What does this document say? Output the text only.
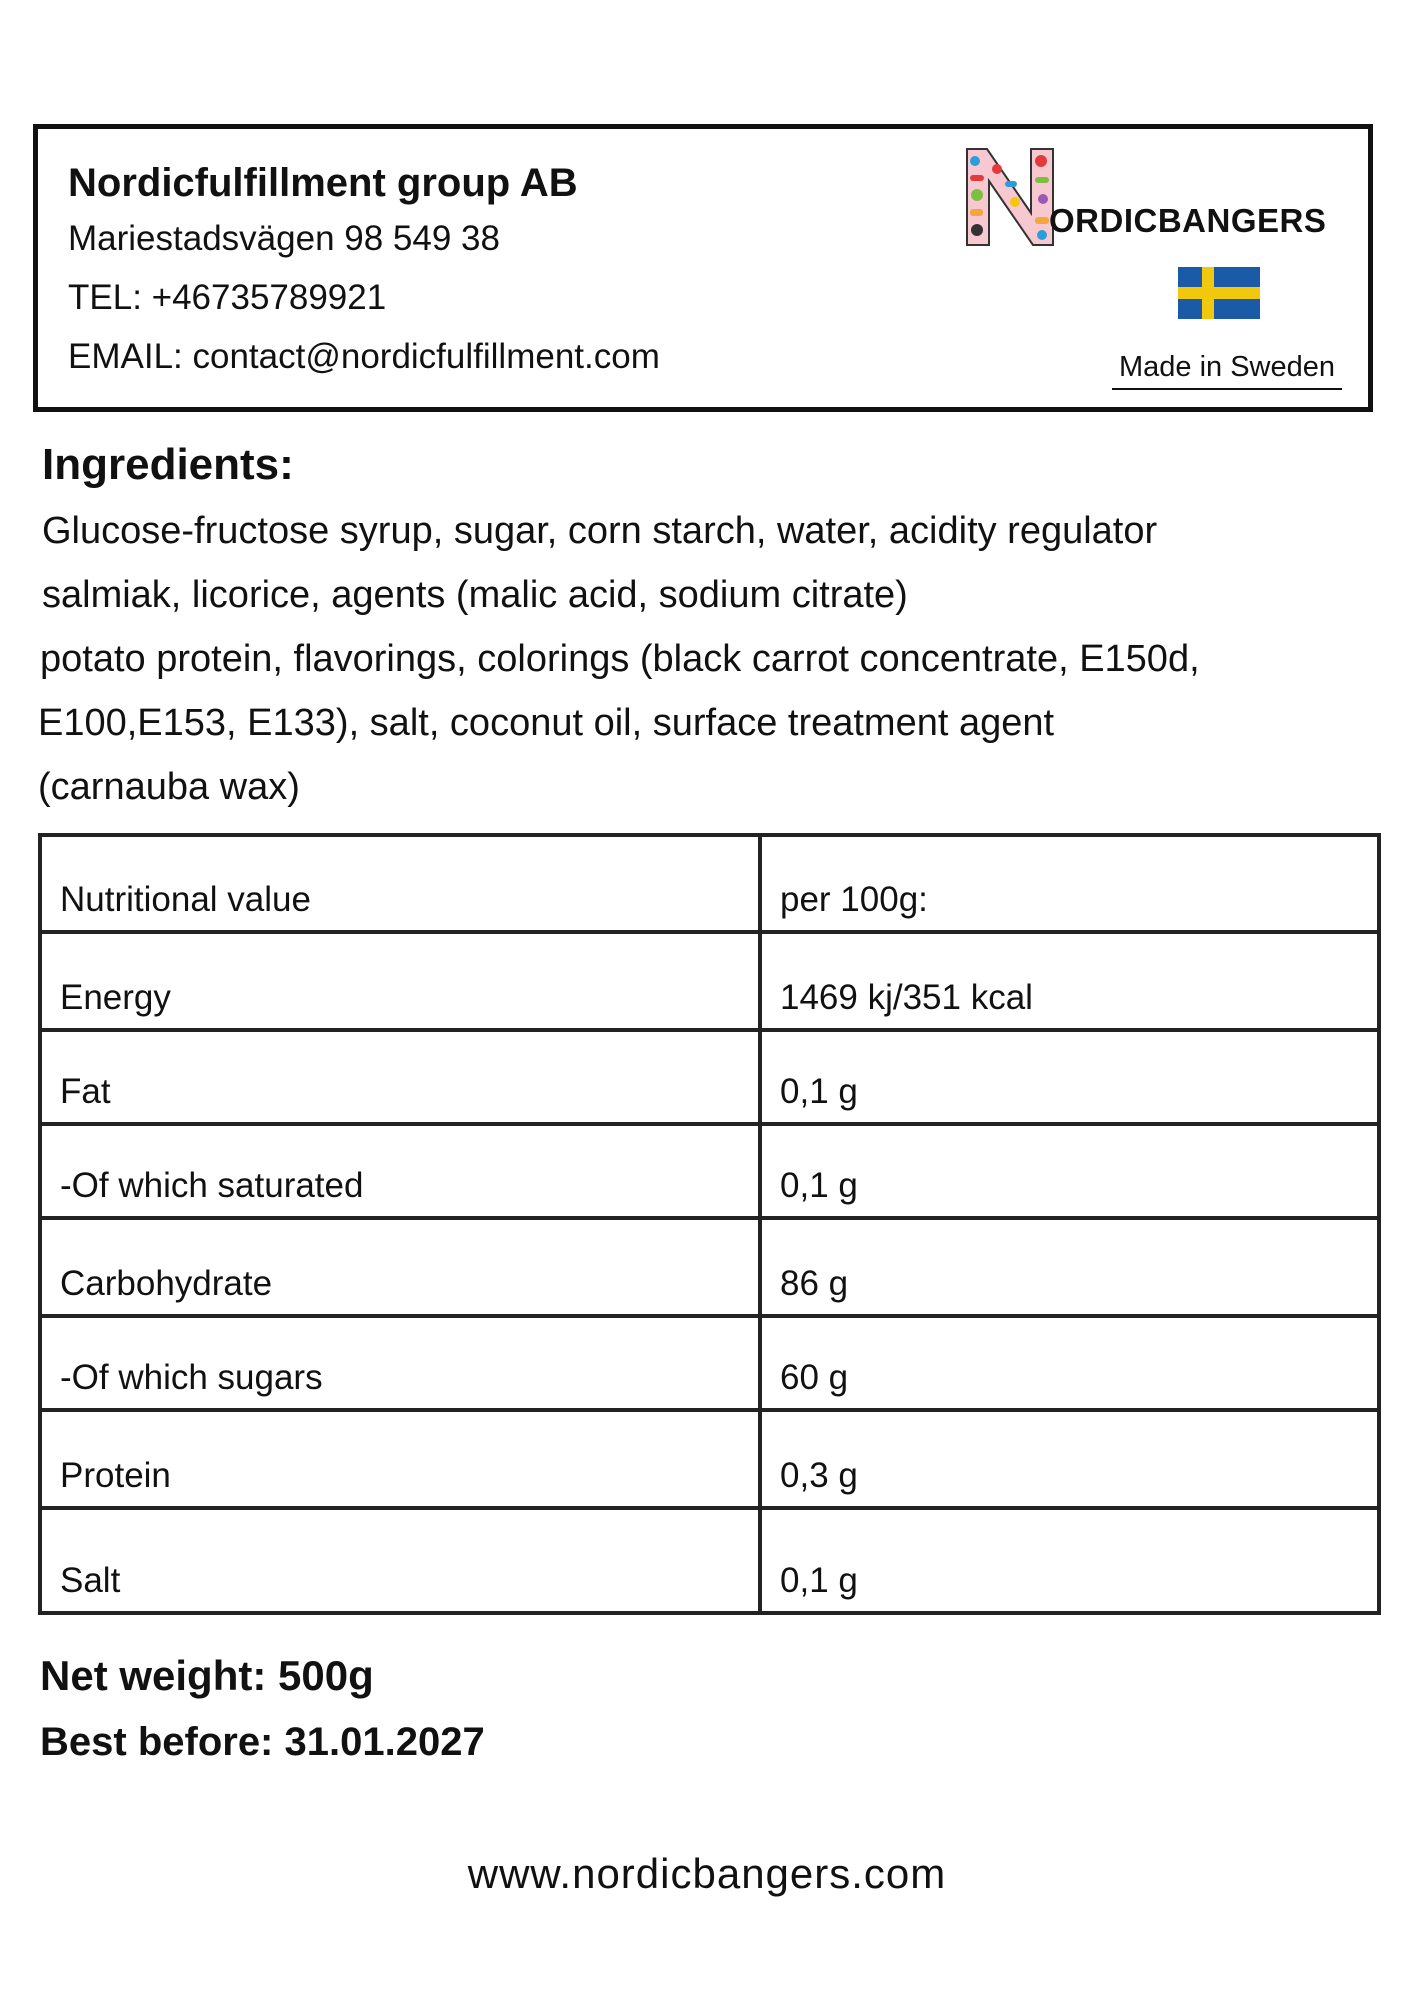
Nordicfulfillment group AB
Mariestadsvägen 98 549 38
TEL: +46735789921
EMAIL: contact@nordicfulfillment.com
ORDICBANGERS
Made in Sweden
Ingredients:
Glucose-fructose syrup, sugar, corn starch, water, acidity regulator
salmiak, licorice, agents (malic acid, sodium citrate)
potato protein, flavorings, colorings (black carrot concentrate, E150d,
E100,E153, E133), salt, coconut oil, surface treatment agent
(carnauba wax)
Nutritional value	per 100g:
Energy	1469 kj/351 kcal
Fat	0,1 g
-Of which saturated	0,1 g
Carbohydrate	86 g
-Of which sugars	60 g
Protein	0,3 g
Salt	0,1 g
Net weight: 500g
Best before: 31.01.2027
www.nordicbangers.com
